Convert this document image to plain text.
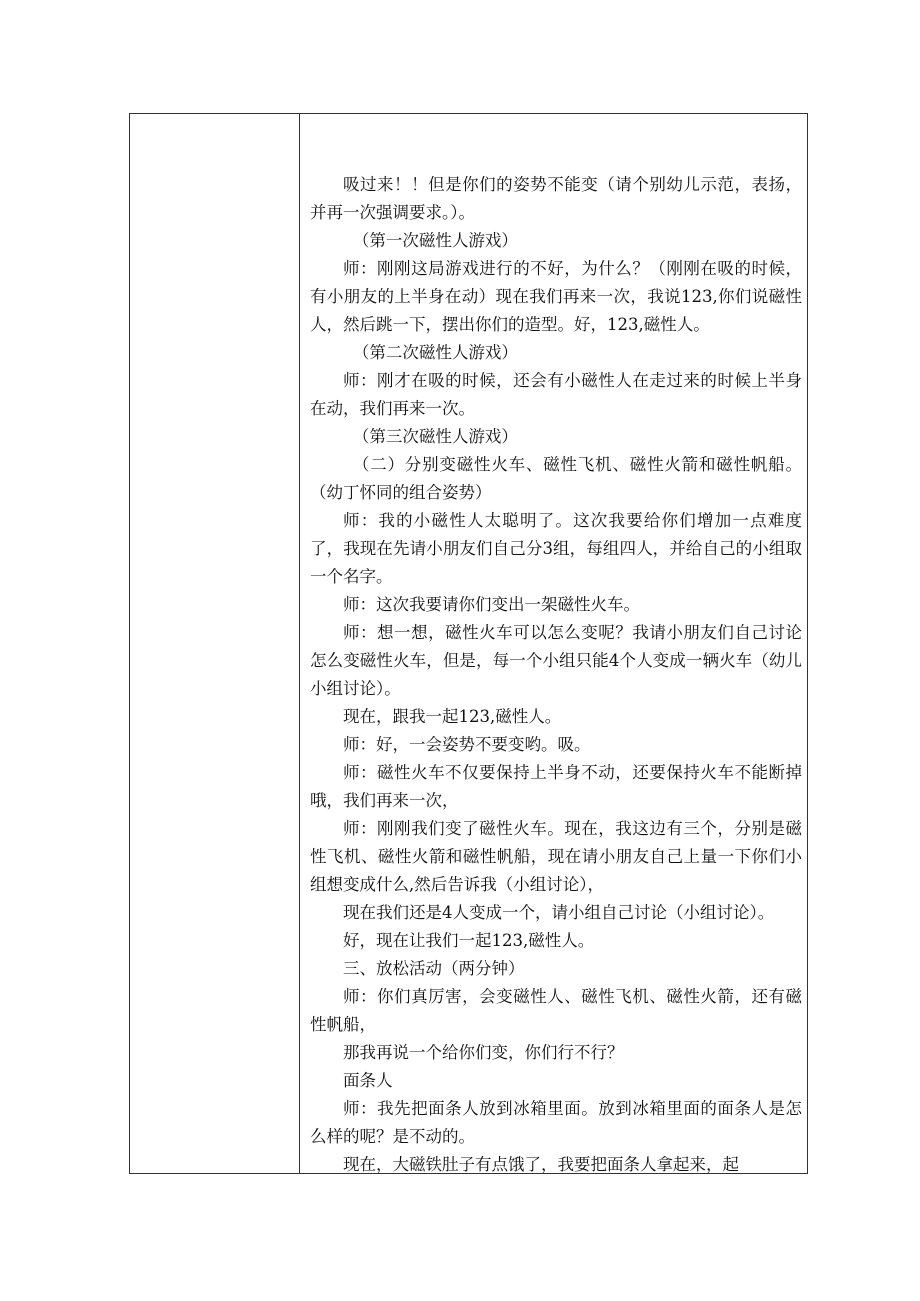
吸过来！！但是你们的姿势不能变（请个别幼儿示范，表扬，并再一次强调要求。）。

（第一次磁性人游戏）

师：刚刚这局游戏进行的不好，为什么？（刚刚在吸的时候，有小朋友的上半身在动）现在我们再来一次，我说123,你们说磁性人，然后跳一下，摆出你们的造型。好，123,磁性人。

（第二次磁性人游戏）

师：刚才在吸的时候，还会有小磁性人在走过来的时候上半身在动，我们再来一次。

（第三次磁性人游戏）

（二）分别变磁性火车、磁性飞机、磁性火箭和磁性帆船。（幼丁怀同的组合姿势）

师：我的小磁性人太聪明了。这次我要给你们增加一点难度了，我现在先请小朋友们自己分3组，每组四人，并给自己的小组取一个名字。

师：这次我要请你们变出一架磁性火车。

师：想一想，磁性火车可以怎么变呢？我请小朋友们自己讨论怎么变磁性火车，但是，每一个小组只能4个人变成一辆火车（幼儿小组讨论）。

现在，跟我一起123,磁性人。

师：好，一会姿势不要变哟。吸。

师：磁性火车不仅要保持上半身不动，还要保持火车不能断掉哦，我们再来一次，

师：刚刚我们变了磁性火车。现在，我这边有三个，分别是磁性飞机、磁性火箭和磁性帆船，现在请小朋友自己上量一下你们小组想变成什么,然后告诉我（小组讨论），

现在我们还是4人变成一个，请小组自己讨论（小组讨论）。

好，现在让我们一起123,磁性人。

三、放松活动（两分钟）

师：你们真厉害，会变磁性人、磁性飞机、磁性火箭，还有磁性帆船，

那我再说一个给你们变，你们行不行？

面条人

师：我先把面条人放到冰箱里面。放到冰箱里面的面条人是怎么样的呢？是不动的。

现在，大磁铁肚子有点饿了，我要把面条人拿起来，起
